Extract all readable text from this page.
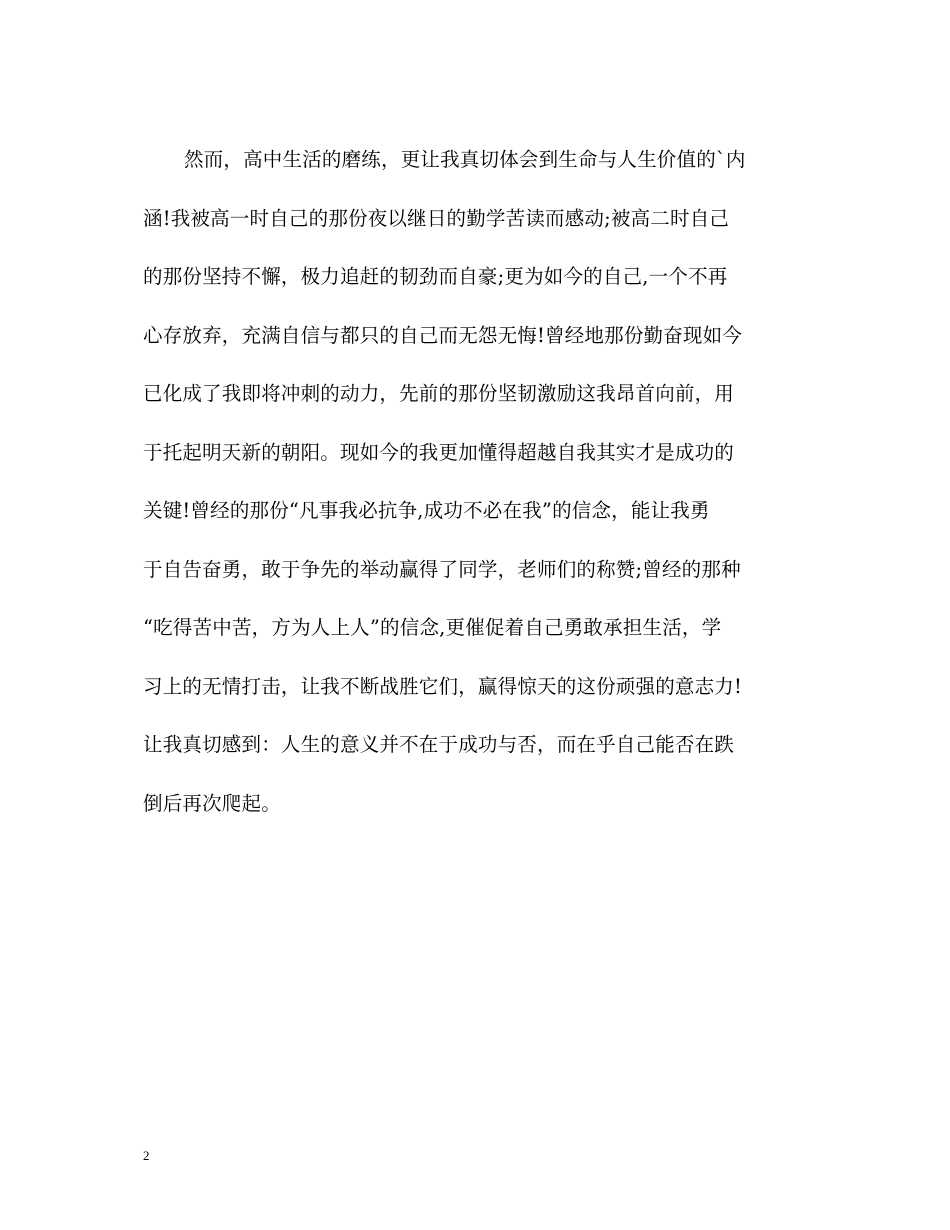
然而，高中生活的磨练，更让我真切体会到生命与人生价值的`内
涵!我被高一时自己的那份夜以继日的勤学苦读而感动;被高二时自己
的那份坚持不懈，极力追赶的韧劲而自豪;更为如今的自己,一个不再
心存放弃，充满自信与都只的自己而无怨无悔!曾经地那份勤奋现如今
已化成了我即将冲刺的动力，先前的那份坚韧激励这我昂首向前，用
于托起明天新的朝阳。现如今的我更加懂得超越自我其实才是成功的
关键!曾经的那份“凡事我必抗争,成功不必在我”的信念，能让我勇
于自告奋勇，敢于争先的举动赢得了同学，老师们的称赞;曾经的那种
“吃得苦中苦，方为人上人”的信念,更催促着自己勇敢承担生活，学
习上的无情打击，让我不断战胜它们，赢得惊天的这份顽强的意志力!
让我真切感到：人生的意义并不在于成功与否，而在乎自己能否在跌
倒后再次爬起。
2
